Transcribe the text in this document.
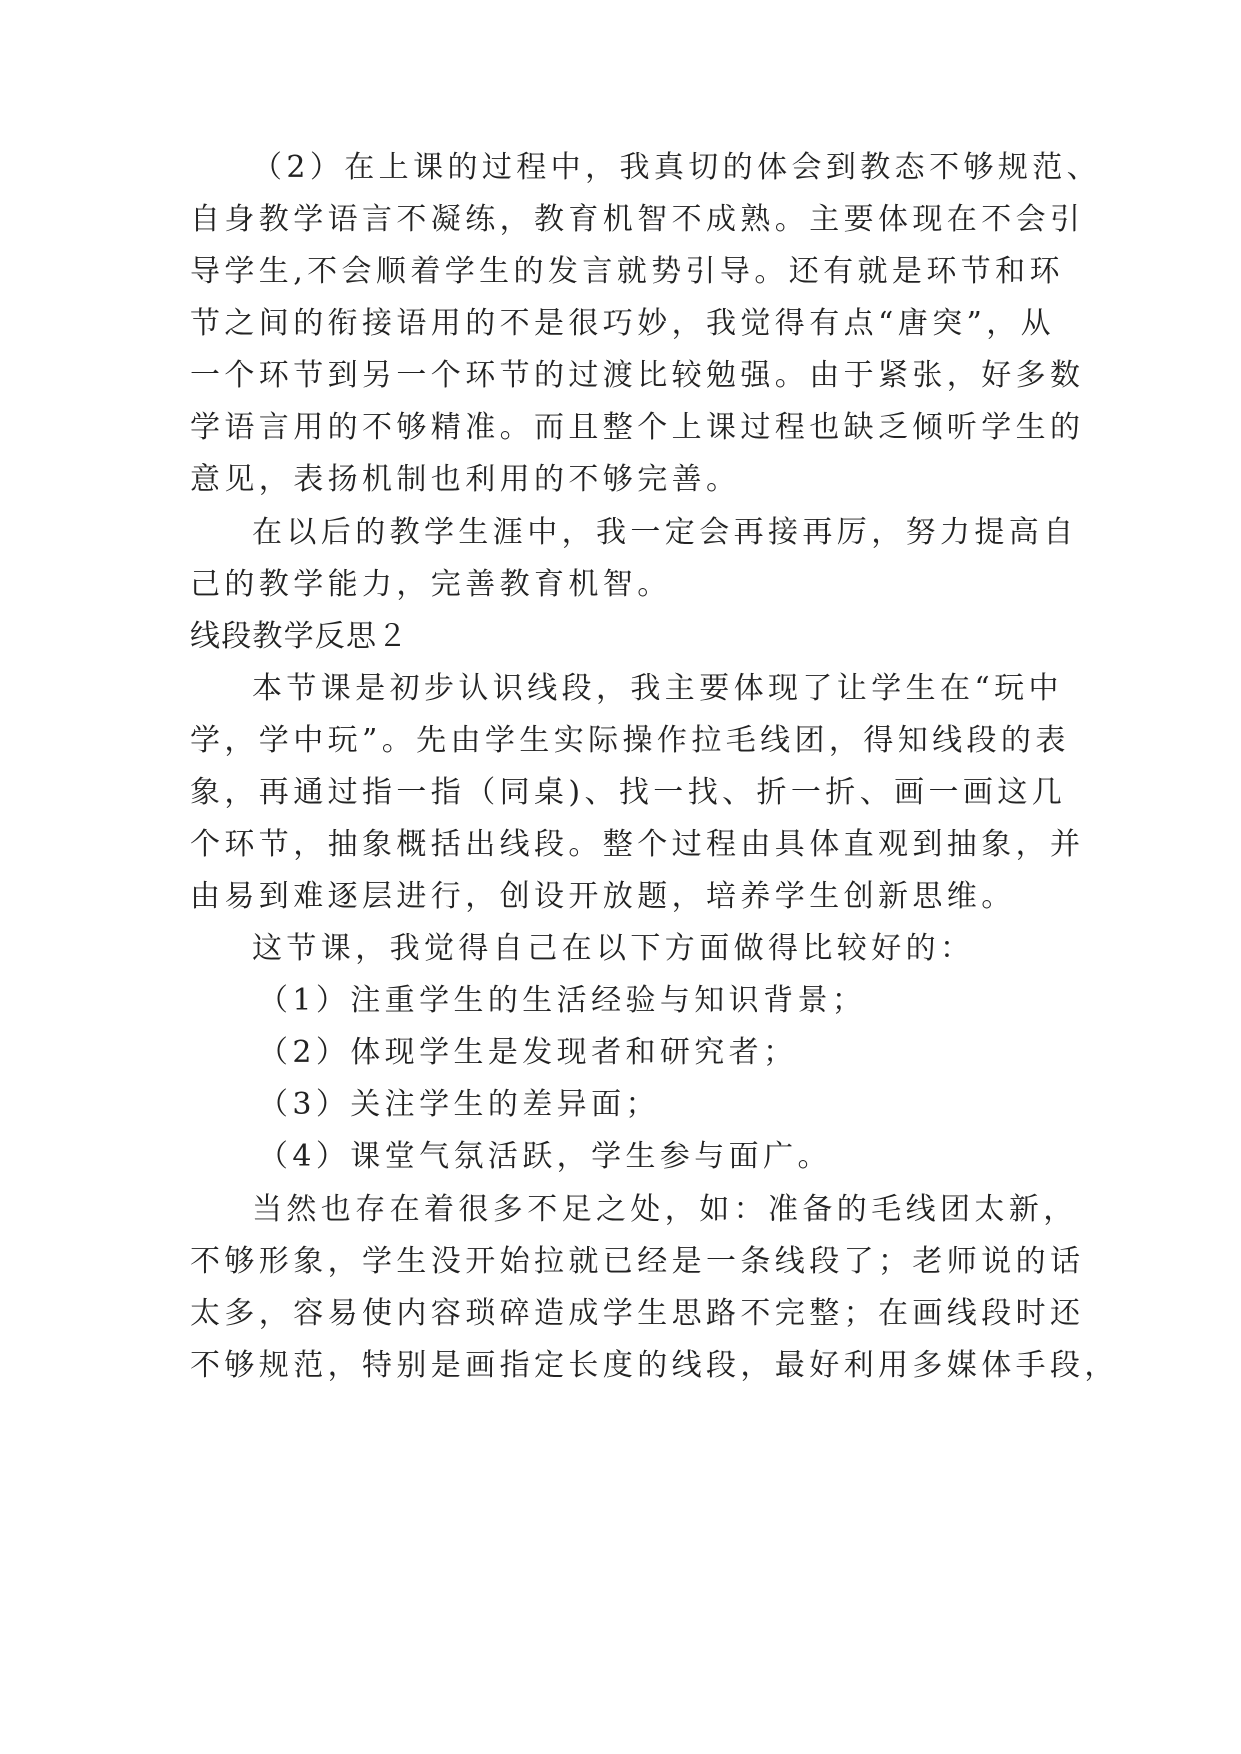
（2）在上课的过程中，我真切的体会到教态不够规范、
自身教学语言不凝练，教育机智不成熟。主要体现在不会引
导学生,不会顺着学生的发言就势引导。还有就是环节和环
节之间的衔接语用的不是很巧妙，我觉得有点“唐突”，从
一个环节到另一个环节的过渡比较勉强。由于紧张，好多数
学语言用的不够精准。而且整个上课过程也缺乏倾听学生的
意见，表扬机制也利用的不够完善。
在以后的教学生涯中，我一定会再接再厉，努力提高自
己的教学能力，完善教育机智。
线段教学反思２
本节课是初步认识线段，我主要体现了让学生在“玩中
学，学中玩”。先由学生实际操作拉毛线团，得知线段的表
象，再通过指一指（同桌)、找一找、折一折、画一画这几
个环节，抽象概括出线段。整个过程由具体直观到抽象，并
由易到难逐层进行，创设开放题，培养学生创新思维。
这节课，我觉得自己在以下方面做得比较好的：
（1）注重学生的生活经验与知识背景；
（2）体现学生是发现者和研究者；
（3）关注学生的差异面；
（4）课堂气氛活跃，学生参与面广。
当然也存在着很多不足之处，如：准备的毛线团太新，
不够形象，学生没开始拉就已经是一条线段了；老师说的话
太多，容易使内容琐碎造成学生思路不完整；在画线段时还
不够规范，特别是画指定长度的线段，最好利用多媒体手段，
